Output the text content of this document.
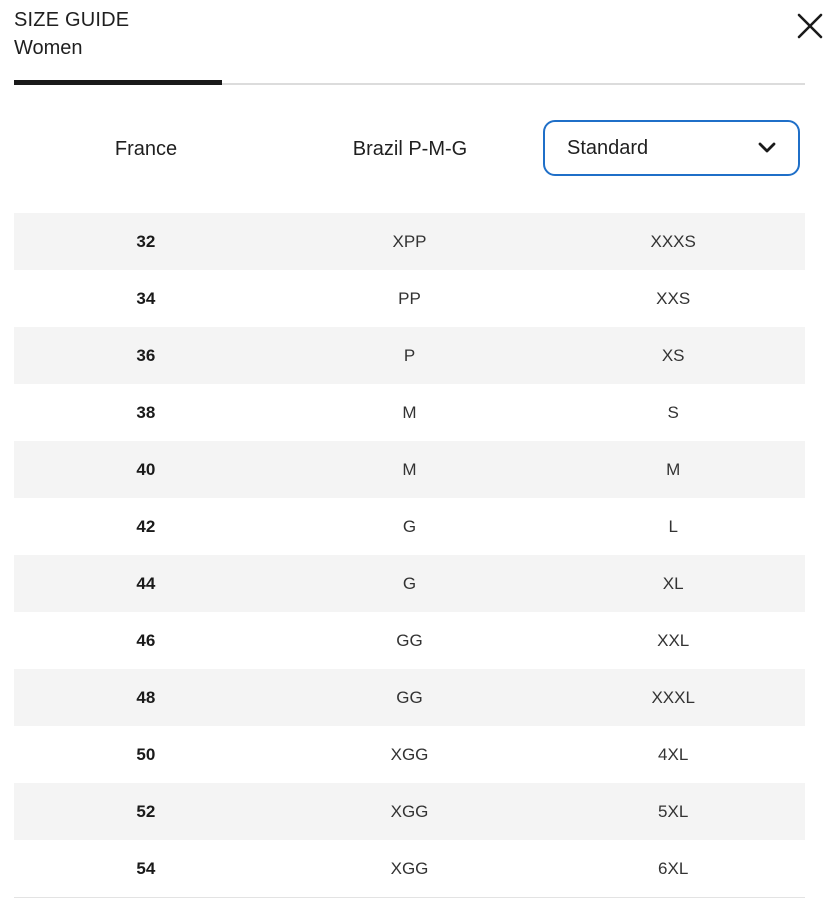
SIZE GUIDE
Women
France	Brazil P-M-G	Standard
32	XPP	XXXS
34	PP	XXS
36	P	XS
38	M	S
40	M	M
42	G	L
44	G	XL
46	GG	XXL
48	GG	XXXL
50	XGG	4XL
52	XGG	5XL
54	XGG	6XL
